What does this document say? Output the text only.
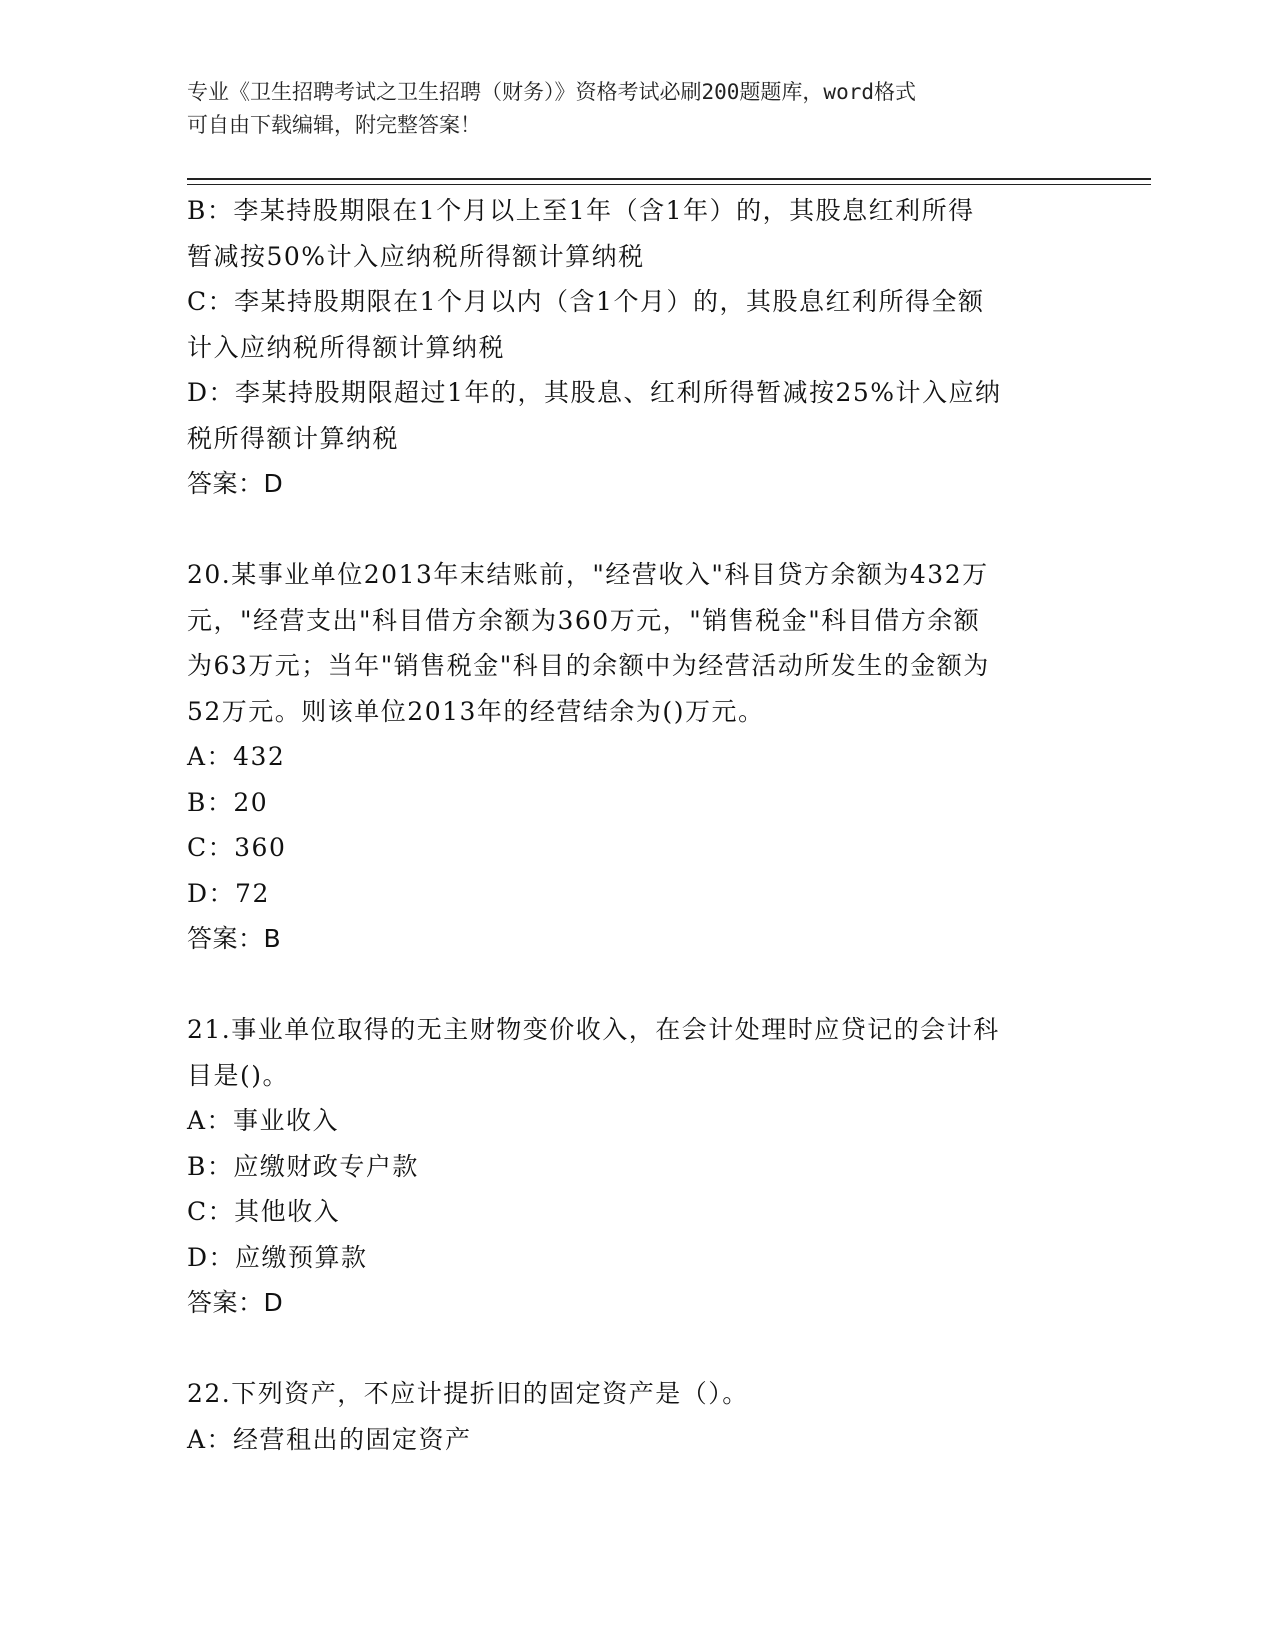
专业《卫生招聘考试之卫生招聘（财务）》资格考试必刷200题题库，word格式
可自由下载编辑，附完整答案！

B：李某持股期限在1个月以上至1年（含1年）的，其股息红利所得

暂减按50%计入应纳税所得额计算纳税

C：李某持股期限在1个月以内（含1个月）的，其股息红利所得全额

计入应纳税所得额计算纳税

D：李某持股期限超过1年的，其股息、红利所得暂减按25%计入应纳

税所得额计算纳税

答案：D

20.某事业单位2013年末结账前，"经营收入"科目贷方余额为432万

元，"经营支出"科目借方余额为360万元，"销售税金"科目借方余额

为63万元；当年"销售税金"科目的余额中为经营活动所发生的金额为

52万元。则该单位2013年的经营结余为()万元。

A：432

B：20

C：360

D：72

答案：B

21.事业单位取得的无主财物变价收入，在会计处理时应贷记的会计科

目是()。

A：事业收入

B：应缴财政专户款

C：其他收入

D：应缴预算款

答案：D

22.下列资产，不应计提折旧的固定资产是（）。

A：经营租出的固定资产
